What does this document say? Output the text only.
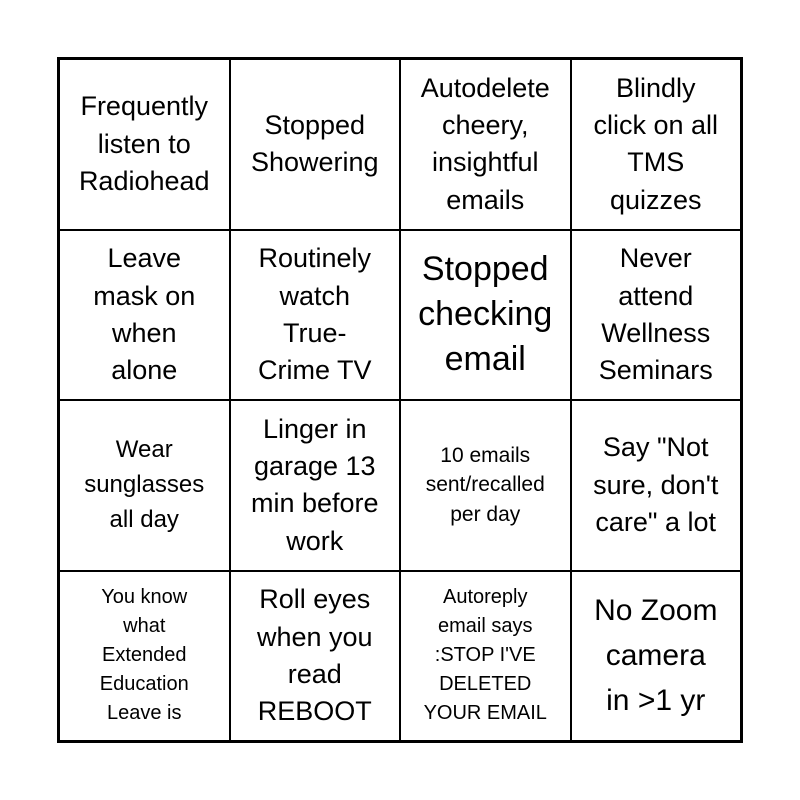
Frequently
listen to
Radiohead
Stopped
Showering
Autodelete
cheery,
insightful
emails
Blindly
click on all
TMS
quizzes
Leave
mask on
when
alone
Routinely
watch
True-
Crime TV
Stopped
checking
email
Never
attend
Wellness
Seminars
Wear
sunglasses
all day
Linger in
garage 13
min before
work
10 emails
sent/recalled
per day
Say "Not
sure, don't
care" a lot
You know
what
Extended
Education
Leave is
Roll eyes
when you
read
REBOOT
Autoreply
email says
:STOP I'VE
DELETED
YOUR EMAIL
No Zoom
camera
in >1 yr
